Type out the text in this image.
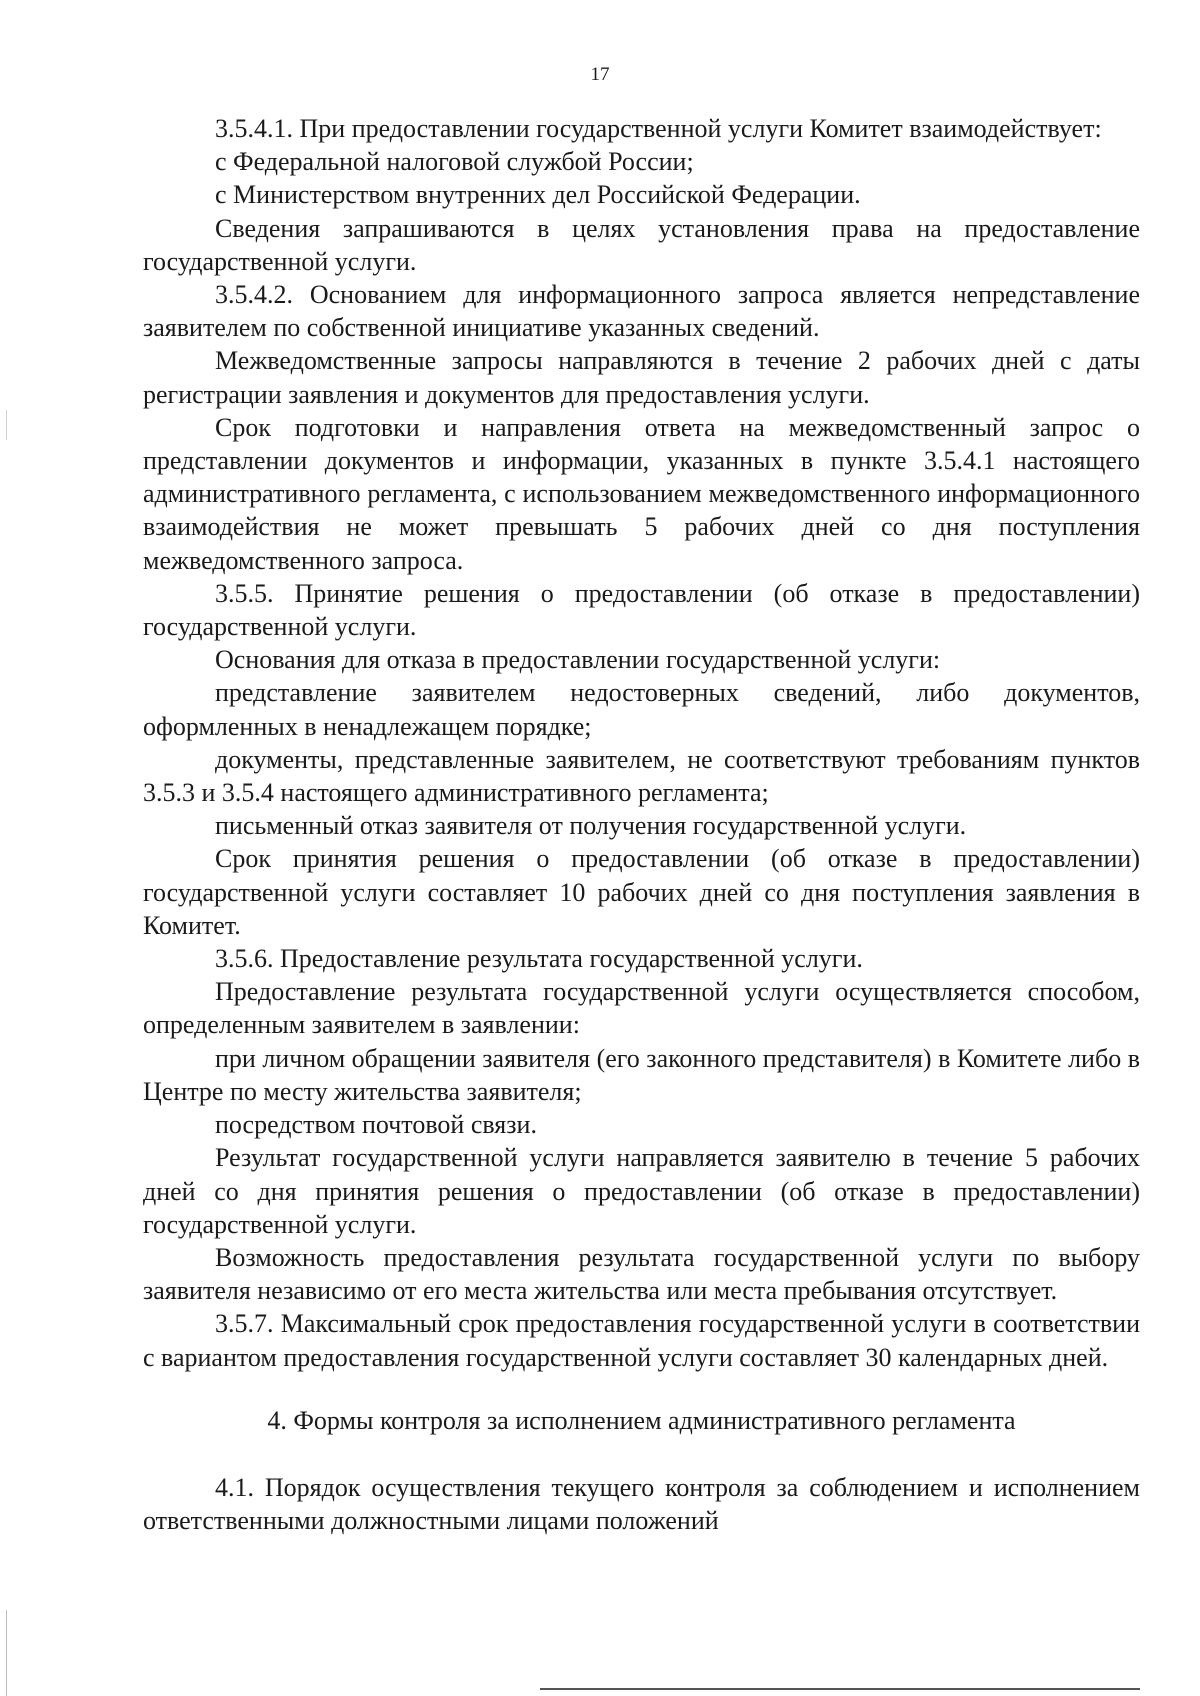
17

3.5.4.1. При предоставлении государственной услуги Комитет взаимодействует:

с Федеральной налоговой службой России;

с Министерством внутренних дел Российской Федерации.

Сведения запрашиваются в целях установления права на предоставление государственной услуги.

3.5.4.2. Основанием для информационного запроса является непредставление заявителем по собственной инициативе указанных сведений.

Межведомственные запросы направляются в течение 2 рабочих дней с даты регистрации заявления и документов для предоставления услуги.

Срок подготовки и направления ответа на межведомственный запрос о представлении документов и информации, указанных в пункте 3.5.4.1 настоящего административного регламента, с использованием межведомственного информационного взаимодействия не может превышать 5 рабочих дней со дня поступления межведомственного запроса.

3.5.5. Принятие решения о предоставлении (об отказе в предоставлении) государственной услуги.

Основания для отказа в предоставлении государственной услуги:

представление заявителем недостоверных сведений, либо документов, оформленных в ненадлежащем порядке;

документы, представленные заявителем, не соответствуют требованиям пунктов 3.5.3 и 3.5.4 настоящего административного регламента;

письменный отказ заявителя от получения государственной услуги.

Срок принятия решения о предоставлении (об отказе в предоставлении) государственной услуги составляет 10 рабочих дней со дня поступления заявления в Комитет.

3.5.6. Предоставление результата государственной услуги.

Предоставление результата государственной услуги осуществляется способом, определенным заявителем в заявлении:

при личном обращении заявителя (его законного представителя) в Комитете либо в Центре по месту жительства заявителя;

посредством почтовой связи.

Результат государственной услуги направляется заявителю в течение 5 рабочих дней со дня принятия решения о предоставлении (об отказе в предоставлении) государственной услуги.

Возможность предоставления результата государственной услуги по выбору заявителя независимо от его места жительства или места пребывания отсутствует.

3.5.7. Максимальный срок предоставления государственной услуги в соответствии с вариантом предоставления государственной услуги составляет 30 календарных дней.

4. Формы контроля за исполнением административного регламента

4.1. Порядок осуществления текущего контроля за соблюдением и исполнением ответственными должностными лицами положений
